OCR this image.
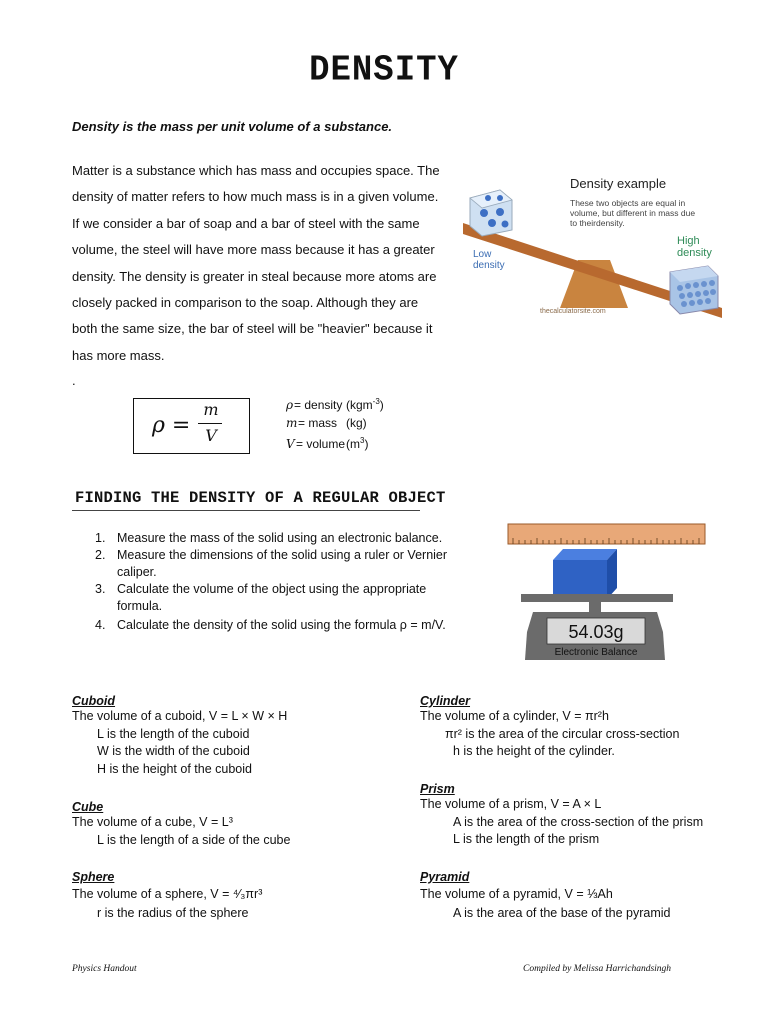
DENSITY
Density is the mass per unit volume of a substance.
Matter is a substance which has mass and occupies space. The density of matter refers to how much mass is in a given volume. If we consider a bar of soap and a bar of steel with the same volume, the steel will have more mass because it has a greater density. The density is greater in steal because more atoms are closely packed in comparison to the soap. Although they are both the same size, the bar of steel will be "heavier" because it has more mass.
.
Density example
These two objects are equal in
volume, but different in mass due
to theirdensity.
Low
density
High
density
thecalculatorsite.com
ρ =
m
V
ρ= density (kgm$^{-3}$)
m= mass (kg)
$V= volume(m^3)$
FINDING THE DENSITY OF A REGULAR OBJECT
1. Measure the mass of the solid using an electronic balance.
2. Measure the dimensions of the solid using a ruler or Vernier caliper.
3. Calculate the volume of the object using the appropriate formula.
4. Calculate the density of the solid using the formula ρ = m/V.	54.03g
Electronic Balance
Cuboid
The volume of a cuboid, V = L × W × H
L is the length of the cuboid
W is the width of the cuboid
H is the height of the cuboid
Cube
The volume of a cube, V = L³
L is the length of a side of the cube
Sphere
The volume of a sphere, V = ⁴⁄₃πr³
r is the radius of the sphere
Cylinder
The volume of a cylinder, V = πr²h
πr² is the area of the circular cross-section
h is the height of the cylinder.
Prism
The volume of a prism, V = A × L
A is the area of the cross-section of the prism
L is the length of the prism
Pyramid
The volume of a pyramid, V = ⅓Ah
A is the area of the base of the pyramid
Physics Handout	Compiled by Melissa Harrichandsingh
